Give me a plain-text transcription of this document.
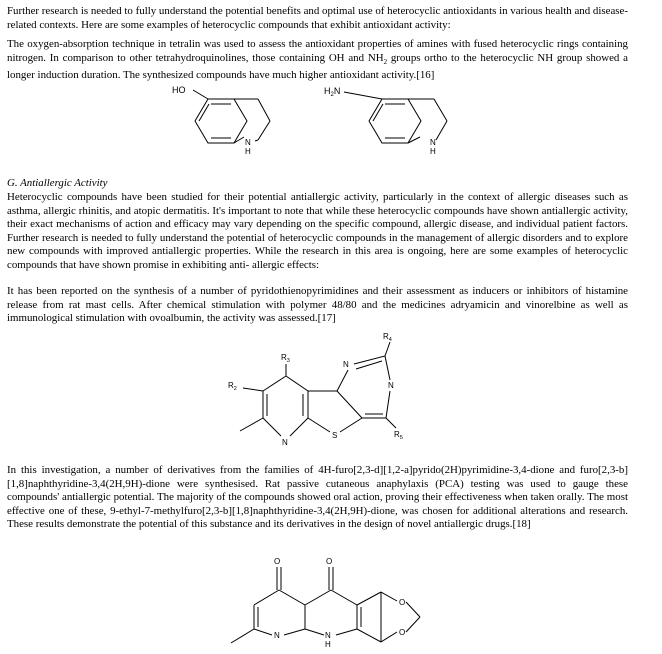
Further research is needed to fully understand the potential benefits and optimal use of heterocyclic antioxidants in various health and disease-related contexts. Here are some examples of heterocyclic compounds that exhibit antioxidant activity:

The oxygen-absorption technique in tetralin was used to assess the antioxidant properties of amines with fused heterocyclic rings containing nitrogen. In comparison to other tetrahydroquinolines, those containing OH and $NH_2$ groups ortho to the heterocyclic NH group showed a longer induction duration. The synthesized compounds have much higher antioxidant activity.[16]

HO
N
H
$H_2N$
N
H

G. Antiallergic Activity

Heterocyclic compounds have been studied for their potential antiallergic activity, particularly in the context of allergic diseases such as asthma, allergic rhinitis, and atopic dermatitis. It's important to note that while these heterocyclic compounds have shown antiallergic activity, their exact mechanisms of action and efficacy may vary depending on the specific compound, allergic disease, and individual patient factors. Further research is needed to fully understand the potential of heterocyclic compounds in the management of allergic disorders and to explore new compounds with improved antiallergic properties. While the research in this area is ongoing, here are some examples of heterocyclic compounds that have shown promise in exhibiting anti- allergic effects:

It has been reported on the synthesis of a number of pyridothienopyrimidines and their assessment as inducers or inhibitors of histamine release from rat mast cells. After chemical stimulation with polymer 48/80 and the medicines adryamicin and vinorelbine as well as immunological stimulation with ovoalbumin, the activity was assessed.[17]

$R_4$
$R_3$
$R_2$
$R_5$
N
N
N
S

In this investigation, a number of derivatives from the families of 4H-furo[2,3-d][1,2-a]pyrido(2H)pyrimidine-3,4-dione and furo[2,3-b][1,8]naphthyridine-3,4(2H,9H)-dione were synthesised. Rat passive cutaneous anaphylaxis (PCA) testing was used to gauge these compounds' antiallergic potential. The majority of the compounds showed oral action, proving their effectiveness when taken orally. The most effective one of these, 9-ethyl-7-methylfuro[2,3-b][1,8]naphthyridine-3,4(2H,9H)-dione, was chosen for additional alterations and research. These results demonstrate the potential of this substance and its derivatives in the design of novel antiallergic drugs.[18]

O	O
O
O
N	N
H
